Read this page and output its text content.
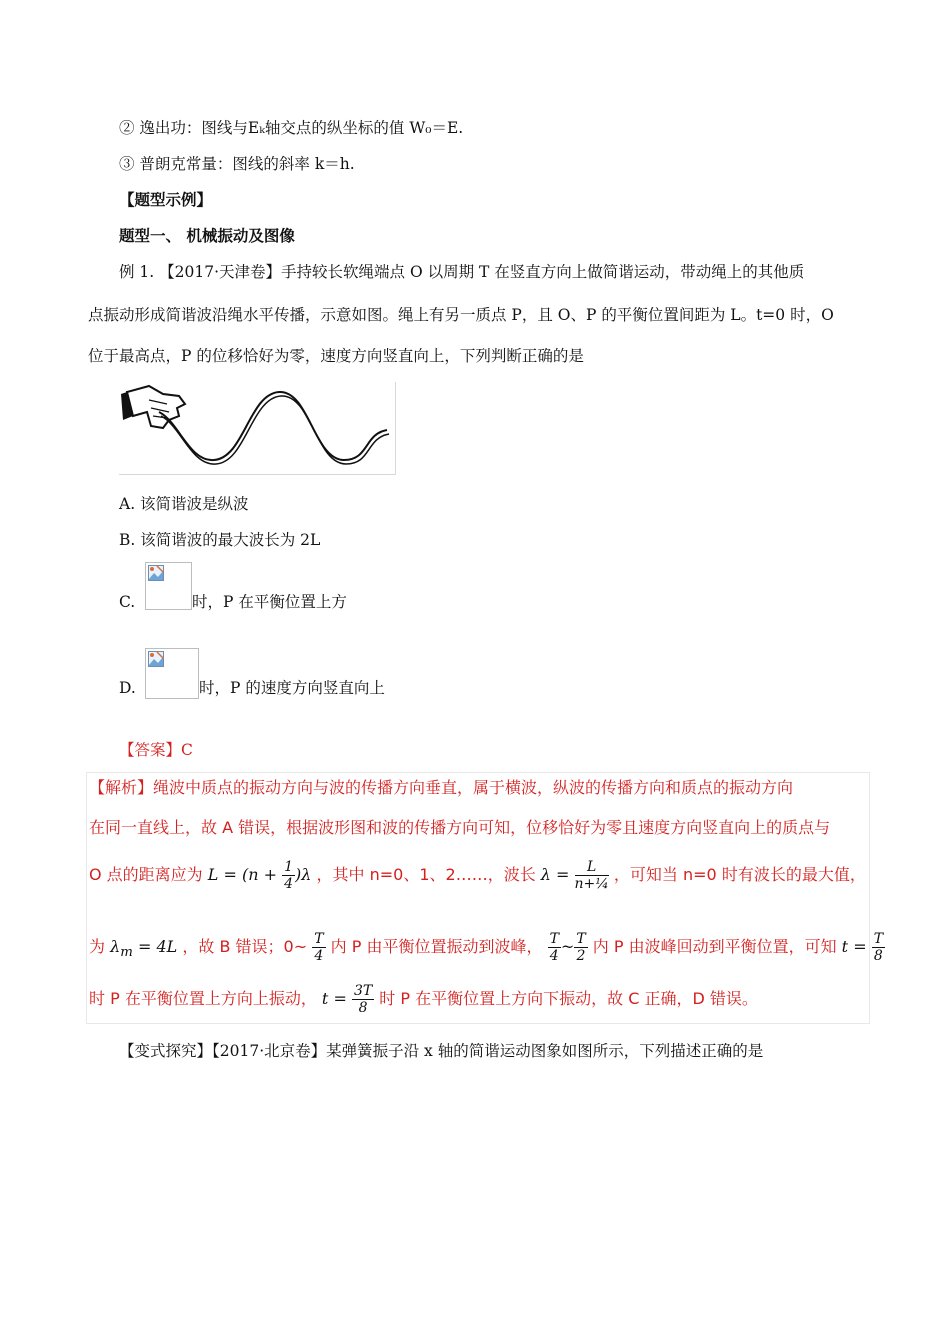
② 逸出功：图线与Eₖ轴交点的纵坐标的值 W₀＝E.
③ 普朗克常量：图线的斜率 k＝h.
【题型示例】
题型一、 机械振动及图像
例 1. 【2017·天津卷】手持较长软绳端点 O 以周期 T 在竖直方向上做简谐运动，带动绳上的其他质
点振动形成简谐波沿绳水平传播，示意如图。绳上有另一质点 P，且 O、P 的平衡位置间距为 L。t=0 时，O
位于最高点，P 的位移恰好为零，速度方向竖直向上，下列判断正确的是
A. 该简谐波是纵波
B. 该简谐波的最大波长为 2L
C.	时，P 在平衡位置上方
D.	时，P 的速度方向竖直向上
【答案】C
【解析】绳波中质点的振动方向与波的传播方向垂直，属于横波，纵波的传播方向和质点的振动方向
在同一直线上，故 A 错误，根据波形图和波的传播方向可知，位移恰好为零且速度方向竖直向上的质点与
O 点的距离应为 $L = (n + \frac{1}{4} )\lambda$ ，其中 n=0、1、2……，波长 $\lambda = \frac{L}{\text{n+¼}}$ ，可知当 n=0 时有波长的最大值，
为 $\lambda_m = 4L$ ，故 B 错误；0~ $\frac{T}{4}$ 内 P 由平衡位置振动到波峰， $\frac{T}{4}$ ~ $\frac{T}{2}$ 内 P 由波峰回动到平衡位置，可知 $t = \frac{T}{8}$
时 P 在平衡位置上方向上振动， $t = \frac{3T}{8}$ 时 P 在平衡位置上方向下振动，故 C 正确，D 错误。
【变式探究】【2017·北京卷】某弹簧振子沿 x 轴的简谐运动图象如图所示，下列描述正确的是
